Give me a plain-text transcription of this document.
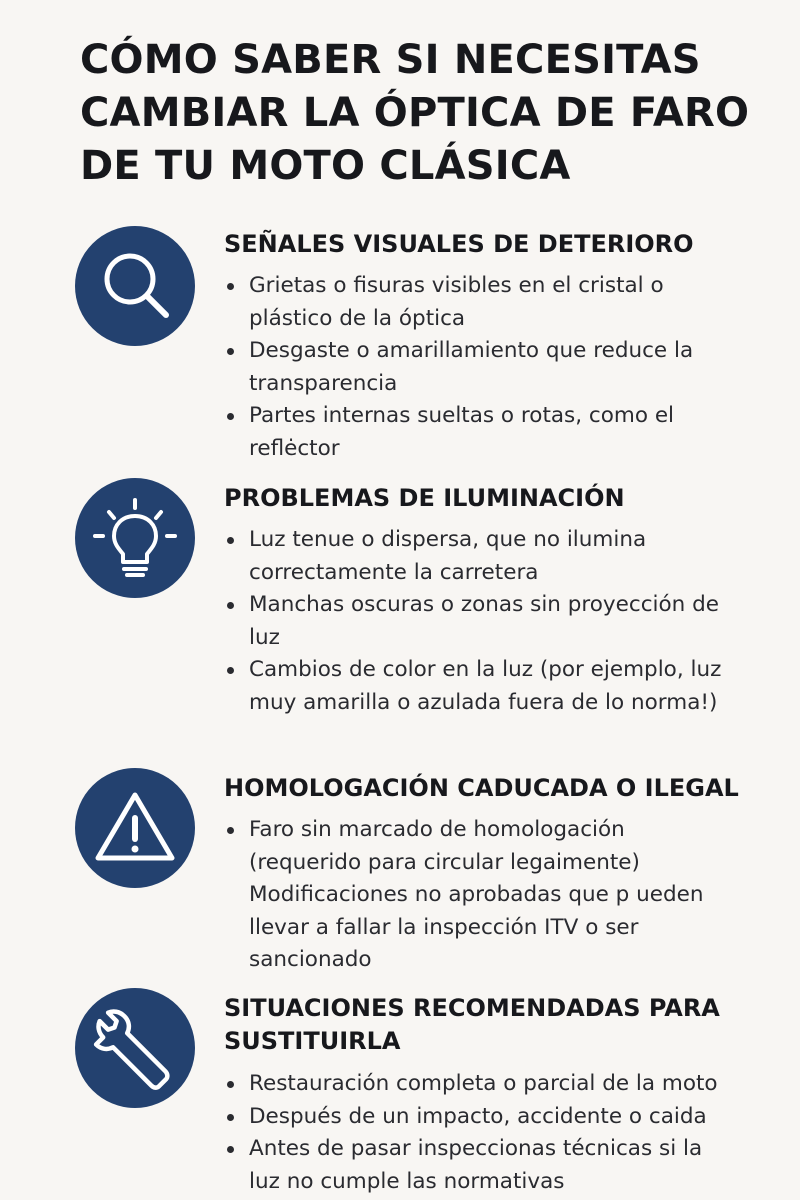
CÓMO SABER SI NECESITAS CAMBIAR LA ÓPTICA DE FARO DE TU MOTO CLÁSICA
SEÑALES VISUALES DE DETERIORO
Grietas o fisuras visibles en el cristal o plástico de la óptica
Desgaste o amarillamiento que reduce la transparencia
Partes internas sueltas o rotas, como el reflėctor
PROBLEMAS DE ILUMINACIÓN
Luz tenue o dispersa, que no ilumina correctamente la carretera
Manchas oscuras o zonas sin proyección de luz
Cambios de color en la luz (por ejemplo, luz muy amarilla o azulada fuera de lo norma!)
HOMOLOGACIÓN CADUCADA O ILEGAL
Faro sin marcado de homologación (requerido para circular legaimente)
Modificaciones no aprobadas que p ueden llevar a fallar la inspección ITV o ser sancionado
SITUACIONES RECOMENDADAS PARA SUSTITUIRLA
Restauración completa o parcial de la moto
Después de un impacto, accidente o caida
Antes de pasar inspeccionas técnicas si la luz no cumple las normativas
